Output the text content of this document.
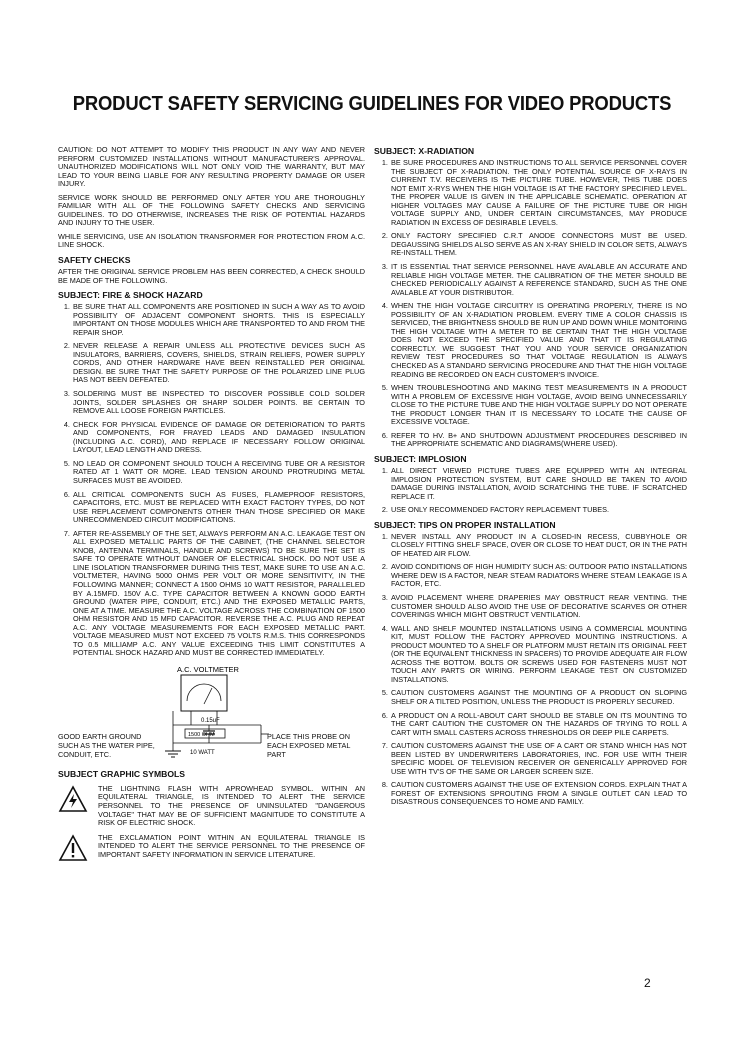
PRODUCT SAFETY SERVICING GUIDELINES FOR VIDEO PRODUCTS

CAUTION: DO NOT ATTEMPT TO MODIFY THIS PRODUCT IN ANY WAY AND NEVER PERFORM CUSTOMIZED INSTALLATIONS WITHOUT MANUFACTURER'S APPROVAL. UNAUTHORIZED MODIFICATIONS WILL NOT ONLY VOID THE WARRANTY, BUT MAY LEAD TO YOUR BEING LIABLE FOR ANY RESULTING PROPERTY DAMAGE OR USER INJURY.

SERVICE WORK SHOULD BE PERFORMED ONLY AFTER YOU ARE THOROUGHLY FAMILIAR WITH ALL OF THE FOLLOWING SAFETY CHECKS AND SERVICING GUIDELINES. TO DO OTHERWISE, INCREASES THE RISK OF POTENTIAL HAZARDS AND INJURY TO THE USER.

WHILE SERVICING, USE AN ISOLATION TRANSFORMER FOR PROTECTION FROM A.C. LINE SHOCK.

SAFETY CHECKS

AFTER THE ORIGINAL SERVICE PROBLEM HAS BEEN CORRECTED, A CHECK SHOULD BE MADE OF THE FOLLOWING.

SUBJECT: FIRE & SHOCK HAZARD
1. BE SURE THAT ALL COMPONENTS ARE POSITIONED IN SUCH A WAY AS TO AVOID POSSIBILITY OF ADJACENT COMPONENT SHORTS. THIS IS ESPECIALLY IMPORTANT ON THOSE MODULES WHICH ARE TRANSPORTED TO AND FROM THE REPAIR SHOP.
2. NEVER RELEASE A REPAIR UNLESS ALL PROTECTIVE DEVICES SUCH AS INSULATORS, BARRIERS, COVERS, SHIELDS, STRAIN RELIEFS, POWER SUPPLY CORDS, AND OTHER HARDWARE HAVE BEEN REINSTALLED PER ORIGINAL DESIGN. BE SURE THAT THE SAFETY PURPOSE OF THE POLARIZED LINE PLUG HAS NOT BEEN DEFEATED.
3. SOLDERING MUST BE INSPECTED TO DISCOVER POSSIBLE COLD SOLDER JOINTS, SOLDER SPLASHES OR SHARP SOLDER POINTS. BE CERTAIN TO REMOVE ALL LOOSE FOREIGN PARTICLES.
4. CHECK FOR PHYSICAL EVIDENCE OF DAMAGE OR DETERIORATION TO PARTS AND COMPONENTS, FOR FRAYED LEADS AND DAMAGED INSULATION (INCLUDING A.C. CORD), AND REPLACE IF NECESSARY FOLLOW ORIGINAL LAYOUT, LEAD LENGTH AND DRESS.
5. NO LEAD OR COMPONENT SHOULD TOUCH A RECEIVING TUBE OR A RESISTOR RATED AT 1 WATT OR MORE. LEAD TENSION AROUND PROTRUDING METAL SURFACES MUST BE AVOIDED.
6. ALL CRITICAL COMPONENTS SUCH AS FUSES, FLAMEPROOF RESISTORS, CAPACITORS, ETC. MUST BE REPLACED WITH EXACT FACTORY TYPES, DO NOT USE REPLACEMENT COMPONENTS OTHER THAN THOSE SPECIFIED OR MAKE UNRECOMMENDED CIRCUIT MODIFICATIONS.
7. AFTER RE-ASSEMBLY OF THE SET, ALWAYS PERFORM AN A.C. LEAKAGE TEST ON ALL EXPOSED METALLIC PARTS OF THE CABINET, (THE CHANNEL SELECTOR KNOB, ANTENNA TERMINALS, HANDLE AND SCREWS) TO BE SURE THE SET IS SAFE TO OPERATE WITHOUT DANGER OF ELECTRICAL SHOCK. DO NOT USE A LINE ISOLATION TRANSFORMER DURING THIS TEST, MAKE SURE TO USE AN A.C. VOLTMETER, HAVING 5000 OHMS PER VOLT OR MORE SENSITIVITY, IN THE FOLLOWING MANNER; CONNECT A 1500 OHMS 10 WATT RESISTOR, PARALLELED BY A.15MFD. 150V A.C. TYPE CAPACITOR BETWEEN A KNOWN GOOD EARTH GROUND (WATER PIPE, CONDUIT, ETC.) AND THE EXPOSED METALLIC PARTS, ONE AT A TIME. MEASURE THE A.C. VOLTAGE ACROSS THE COMBINATION OF 1500 OHM RESISTOR AND 15 MFD CAPACITOR. REVERSE THE A.C. PLUG AND REPEAT A.C. ANY VOLTAGE MEASUREMENTS FOR EACH EXPOSED METALLIC PART. VOLTAGE MEASURED MUST NOT EXCEED 75 VOLTS R.M.S. THIS CORRESPONDS TO 0.5 MILLIAMP A.C. ANY VALUE EXCEEDING THIS LIMIT CONSTITUTES A POTENTIAL SHOCK HAZARD AND MUST BE CORRECTED IMMEDIATELY.
A.C. VOLTMETER
0.15uF
1500 OHM
10 WATT
GOOD EARTH GROUND SUCH AS THE WATER PIPE, CONDUIT, ETC.
PLACE THIS PROBE ON EACH EXPOSED METAL PART
SUBJECT GRAPHIC SYMBOLS
THE LIGHTNING FLASH WITH APROWHEAD SYMBOL. WITHIN AN EQUILATERAL TRIANGLE, IS INTENDED TO ALERT THE SERVICE PERSONNEL TO THE PRESENCE OF UNINSULATED "DANGEROUS VOLTAGE" THAT MAY BE OF SUFFICIENT MAGNITUDE TO CONSTITUTE A RISK OF ELECTRIC SHOCK.
THE EXCLAMATION POINT WITHIN AN EQUILATERAL TRIANGLE IS INTENDED TO ALERT THE SERVICE PERSONNEL TO THE PRESENCE OF IMPORTANT SAFETY INFORMATION IN SERVICE LITERATURE.
SUBJECT: X-RADIATION
1. BE SURE PROCEDURES AND INSTRUCTIONS TO ALL SERVICE PERSONNEL COVER THE SUBJECT OF X-RADIATION. THE ONLY POTENTIAL SOURCE OF X-RAYS IN CURRENT T.V. RECEIVERS IS THE PICTURE TUBE. HOWEVER, THIS TUBE DOES NOT EMIT X-RYS WHEN THE HIGH VOLTAGE IS AT THE FACTORY SPECIFIED LEVEL. THE PROPER VALUE IS GIVEN IN THE APPLICABLE SCHEMATIC. OPERATION AT HIGHER VOLTAGES MAY CAUSE A FAILURE OF THE PICTURE TUBE OR HIGH VOLTAGE SUPPLY AND, UNDER CERTAIN CIRCUMSTANCES, MAY PRODUCE RADIATION IN EXCESS OF DESIRABLE LEVELS.
2. ONLY FACTORY SPECIFIED C.R.T ANODE CONNECTORS MUST BE USED. DEGAUSSING SHIELDS ALSO SERVE AS AN X-RAY SHIELD IN COLOR SETS, ALWAYS RE-INSTALL THEM.
3. IT IS ESSENTIAL THAT SERVICE PERSONNEL HAVE AVALABLE AN ACCURATE AND RELIABLE HIGH VOLTAGE METER. THE CALIBRATION OF THE METER SHOULD BE CHECKED PERIODICALLY AGAINST A REFERENCE STANDARD, SUCH AS THE ONE AVALABLE AT YOUR DISTRIBUTOR.
4. WHEN THE HIGH VOLTAGE CIRCUITRY IS OPERATING PROPERLY, THERE IS NO POSSIBILITY OF AN X-RADIATION PROBLEM. EVERY TIME A COLOR CHASSIS IS SERVICED, THE BRIGHTNESS SHOULD BE RUN UP AND DOWN WHILE MONITORING THE HIGH VOLTAGE WITH A METER TO BE CERTAIN THAT THE HIGH VOLTAGE DOES NOT EXCEED THE SPECIFIED VALUE AND THAT IT IS REGULATING CORRECTLY. WE SUGGEST THAT YOU AND YOUR SERVICE ORGANIZATION REVIEW TEST PROCEDURES SO THAT VOLTAGE REGULATION IS ALWAYS CHECKED AS A STANDARD SERVICING PROCEDURE AND THAT THE HIGH VOLTAGE READING BE RECORDED ON EACH CUSTOMER'S INVOICE.
5. WHEN TROUBLESHOOTING AND MAKING TEST MEASUREMENTS IN A PRODUCT WITH A PROBLEM OF EXCESSIVE HIGH VOLTAGE, AVOID BEING UNNECESSARILY CLOSE TO THE PICTURE TUBE AND THE HIGH VOLTAGE SUPPLY DO NOT OPERATE THE PRODUCT LONGER THAN IT IS NECESSARY TO LOCATE THE CAUSE OF EXCESSIVE VOLTAGE.
6. REFER TO HV. B+ AND SHUTDOWN ADJUSTMENT PROCEDURES DESCRIBED IN THE APPROPRIATE SCHEMATIC AND DIAGRAMS(WHERE USED).
SUBJECT: IMPLOSION
1. ALL DIRECT VIEWED PICTURE TUBES ARE EQUIPPED WITH AN INTEGRAL IMPLOSION PROTECTION SYSTEM, BUT CARE SHOULD BE TAKEN TO AVOID DAMAGE DURING INSTALLATION, AVOID SCRATCHING THE TUBE. IF SCRATCHED REPLACE IT.
2. USE ONLY RECOMMENDED FACTORY REPLACEMENT TUBES.
SUBJECT: TIPS ON PROPER INSTALLATION
1. NEVER INSTALL ANY PRODUCT IN A CLOSED-IN RECESS, CUBBYHOLE OR CLOSELY FITTING SHELF SPACE, OVER OR CLOSE TO HEAT DUCT, OR IN THE PATH OF HEATED AIR FLOW.
2. AVOID CONDITIONS OF HIGH HUMIDITY SUCH AS: OUTDOOR PATIO INSTALLATIONS WHERE DEW IS A FACTOR, NEAR STEAM RADIATORS WHERE STEAM LEAKAGE IS A FACTOR, ETC.
3. AVOID PLACEMENT WHERE DRAPERIES MAY OBSTRUCT REAR VENTING. THE CUSTOMER SHOULD ALSO AVOID THE USE OF DECORATIVE SCARVES OR OTHER COVERINGS WHICH MIGHT OBSTRUCT VENTILATION.
4. WALL AND SHELF MOUNTED INSTALLATIONS USING A COMMERCIAL MOUNTING KIT, MUST FOLLOW THE FACTORY APPROVED MOUNTING INSTRUCTIONS. A PRODUCT MOUNTED TO A SHELF OR PLATFORM MUST RETAIN ITS ORIGINAL FEET (OR THE EQUIVALENT THICKNESS IN SPACERS) TO PROVIDE ADEQUATE AIR FLOW ACROSS THE BOTTOM. BOLTS OR SCREWS USED FOR FASTENERS MUST NOT TOUCH ANY PARTS OR WIRING. PERFORM LEAKAGE TEST ON CUSTOMIZED INSTALLATIONS.
5. CAUTION CUSTOMERS AGAINST THE MOUNTING OF A PRODUCT ON SLOPING SHELF OR A TILTED POSITION, UNLESS THE PRODUCT IS PROPERLY SECURED.
6. A PRODUCT ON A ROLL-ABOUT CART SHOULD BE STABLE ON ITS MOUNTING TO THE CART CAUTION THE CUSTOMER ON THE HAZARDS OF TRYING TO ROLL A CART WITH SMALL CASTERS ACROSS THRESHOLDS OR DEEP PILE CARPETS.
7. CAUTION CUSTOMERS AGAINST THE USE OF A CART OR STAND WHICH HAS NOT BEEN LISTED BY UNDERWRITERS LABORATORIES, INC. FOR USE WITH THEIR SPECIFIC MODEL OF TELEVISION RECEIVER OR GENERICALLY APPROVED FOR USE WITH TV'S OF THE SAME OR LARGER SCREEN SIZE.
8. CAUTION CUSTOMERS AGAINST THE USE OF EXTENSION CORDS. EXPLAIN THAT A FOREST OF EXTENSIONS SPROUTING FROM A SINGLE OUTLET CAN LEAD TO DISASTROUS CONSEQUENCES TO HOME AND FAMILY.
2
